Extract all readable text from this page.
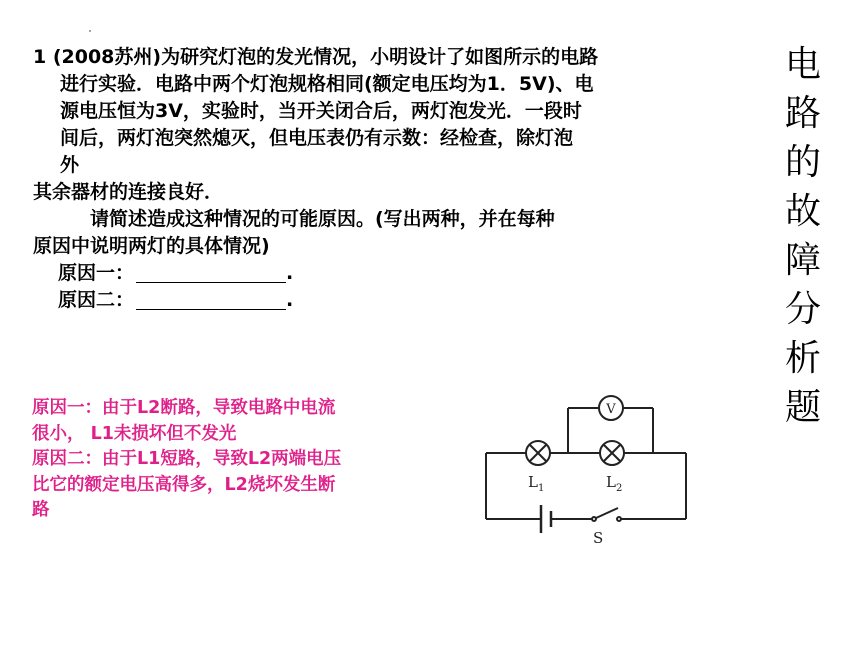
1 (2008苏州)为研究灯泡的发光情况，小明设计了如图所示的电路

进行实验．电路中两个灯泡规格相同(额定电压均为1．5V)、电

源电压恒为3V，实验时，当开关闭合后，两灯泡发光．一段时

间后，两灯泡突然熄灭，但电压表仍有示数：经检查，除灯泡

外

其余器材的连接良好．

请简述造成这种情况的可能原因。(写出两种，并在每种

原因中说明两灯的具体情况)

原因一：	.

原因二：	.

电
路
的
故
障
分
析
题

原因一：由于L2断路，导致电路中电流

很小， L1未损坏但不发光

原因二：由于L1短路，导致L2两端电压

比它的额定电压高得多，L2烧坏发生断

路

V
$L_1$	$L_2$
S
